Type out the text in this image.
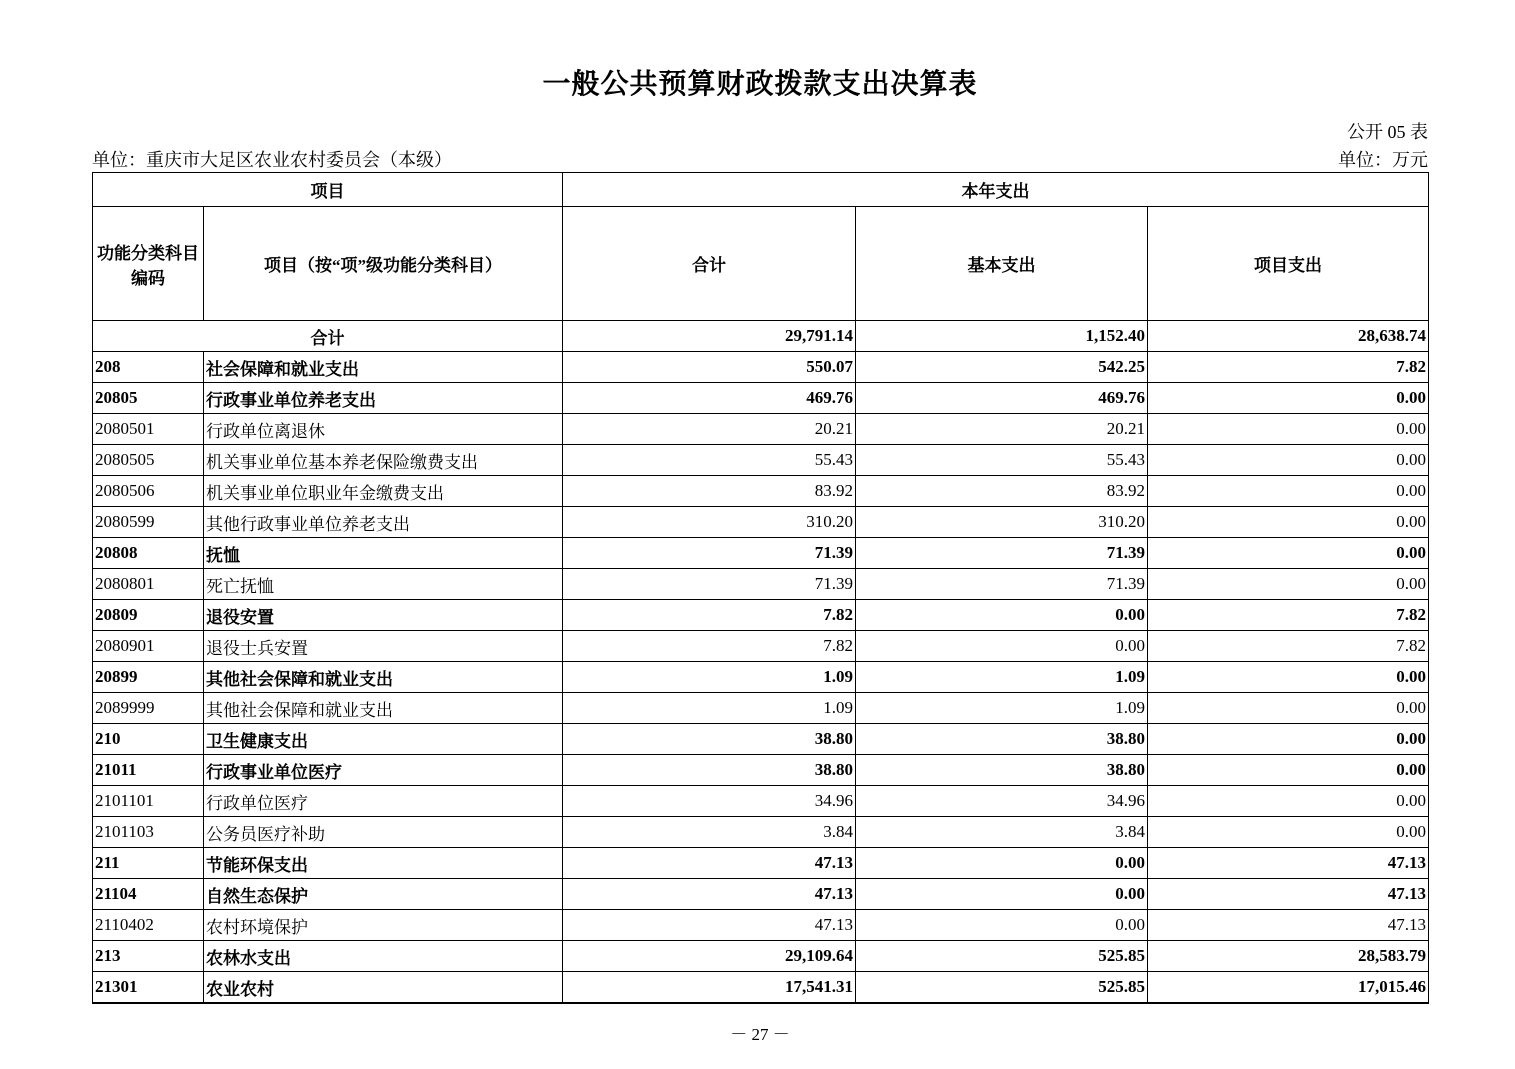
一般公共预算财政拨款支出决算表
公开 05 表
单位：重庆市大足区农业农村委员会（本级）	单位：万元
项目		本年支出		
功能分类科目编码	项目（按“项”级功能分类科目）	合计	基本支出	项目支出
合计		29,791.14	1,152.40	28,638.74
208	社会保障和就业支出	550.07	542.25	7.82
20805	行政事业单位养老支出	469.76	469.76	0.00
2080501	行政单位离退休	20.21	20.21	0.00
2080505	机关事业单位基本养老保险缴费支出	55.43	55.43	0.00
2080506	机关事业单位职业年金缴费支出	83.92	83.92	0.00
2080599	其他行政事业单位养老支出	310.20	310.20	0.00
20808	抚恤	71.39	71.39	0.00
2080801	死亡抚恤	71.39	71.39	0.00
20809	退役安置	7.82	0.00	7.82
2080901	退役士兵安置	7.82	0.00	7.82
20899	其他社会保障和就业支出	1.09	1.09	0.00
2089999	其他社会保障和就业支出	1.09	1.09	0.00
210	卫生健康支出	38.80	38.80	0.00
21011	行政事业单位医疗	38.80	38.80	0.00
2101101	行政单位医疗	34.96	34.96	0.00
2101103	公务员医疗补助	3.84	3.84	0.00
211	节能环保支出	47.13	0.00	47.13
21104	自然生态保护	47.13	0.00	47.13
2110402	农村环境保护	47.13	0.00	47.13
213	农林水支出	29,109.64	525.85	28,583.79
21301	农业农村	17,541.31	525.85	17,015.46
－ 27 －
